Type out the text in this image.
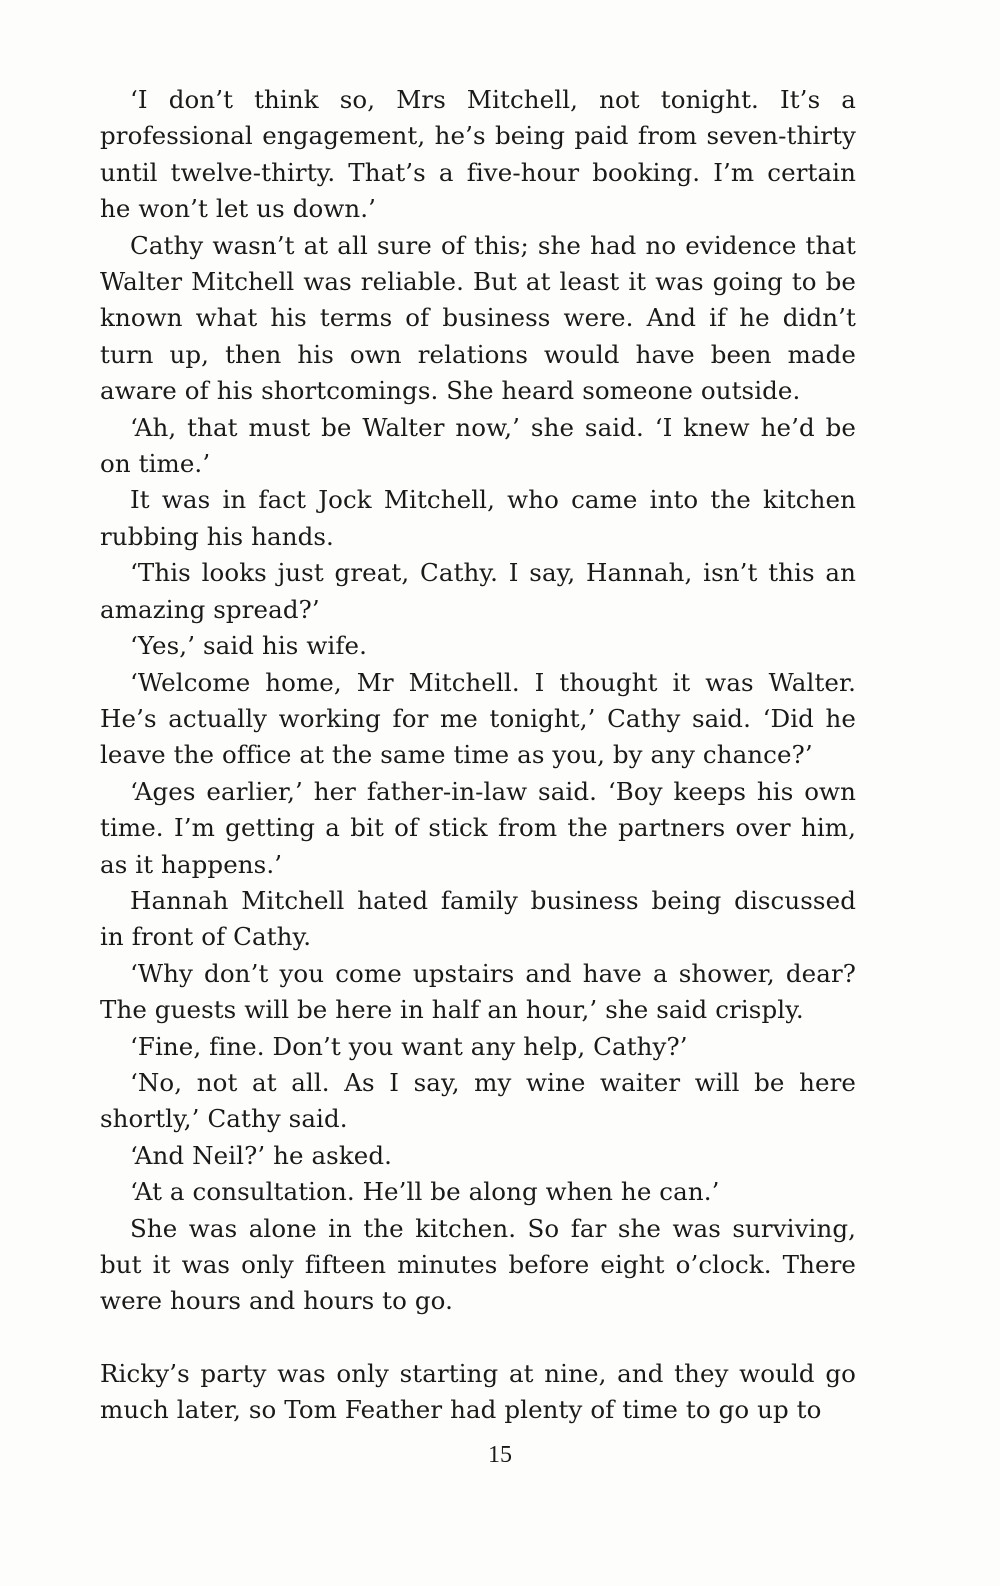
‘I don’t think so, Mrs Mitchell, not tonight. It’s a professional engagement, he’s being paid from seven-thirty until twelve-thirty. That’s a five-hour booking. I’m certain he won’t let us down.’

Cathy wasn’t at all sure of this; she had no evidence that Walter Mitchell was reliable. But at least it was going to be known what his terms of business were. And if he didn’t turn up, then his own relations would have been made aware of his shortcomings. She heard someone outside.

‘Ah, that must be Walter now,’ she said. ‘I knew he’d be on time.’

It was in fact Jock Mitchell, who came into the kitchen rubbing his hands.

‘This looks just great, Cathy. I say, Hannah, isn’t this an amazing spread?’

‘Yes,’ said his wife.

‘Welcome home, Mr Mitchell. I thought it was Walter. He’s actually working for me tonight,’ Cathy said. ‘Did he leave the office at the same time as you, by any chance?’

‘Ages earlier,’ her father-in-law said. ‘Boy keeps his own time. I’m getting a bit of stick from the partners over him, as it happens.’

Hannah Mitchell hated family business being discussed in front of Cathy.

‘Why don’t you come upstairs and have a shower, dear? The guests will be here in half an hour,’ she said crisply.

‘Fine, fine. Don’t you want any help, Cathy?’

‘No, not at all. As I say, my wine waiter will be here shortly,’ Cathy said.

‘And Neil?’ he asked.

‘At a consultation. He’ll be along when he can.’

She was alone in the kitchen. So far she was surviving, but it was only fifteen minutes before eight o’clock. There were hours and hours to go.

Ricky’s party was only starting at nine, and they would go much later, so Tom Feather had plenty of time to go up to

15
